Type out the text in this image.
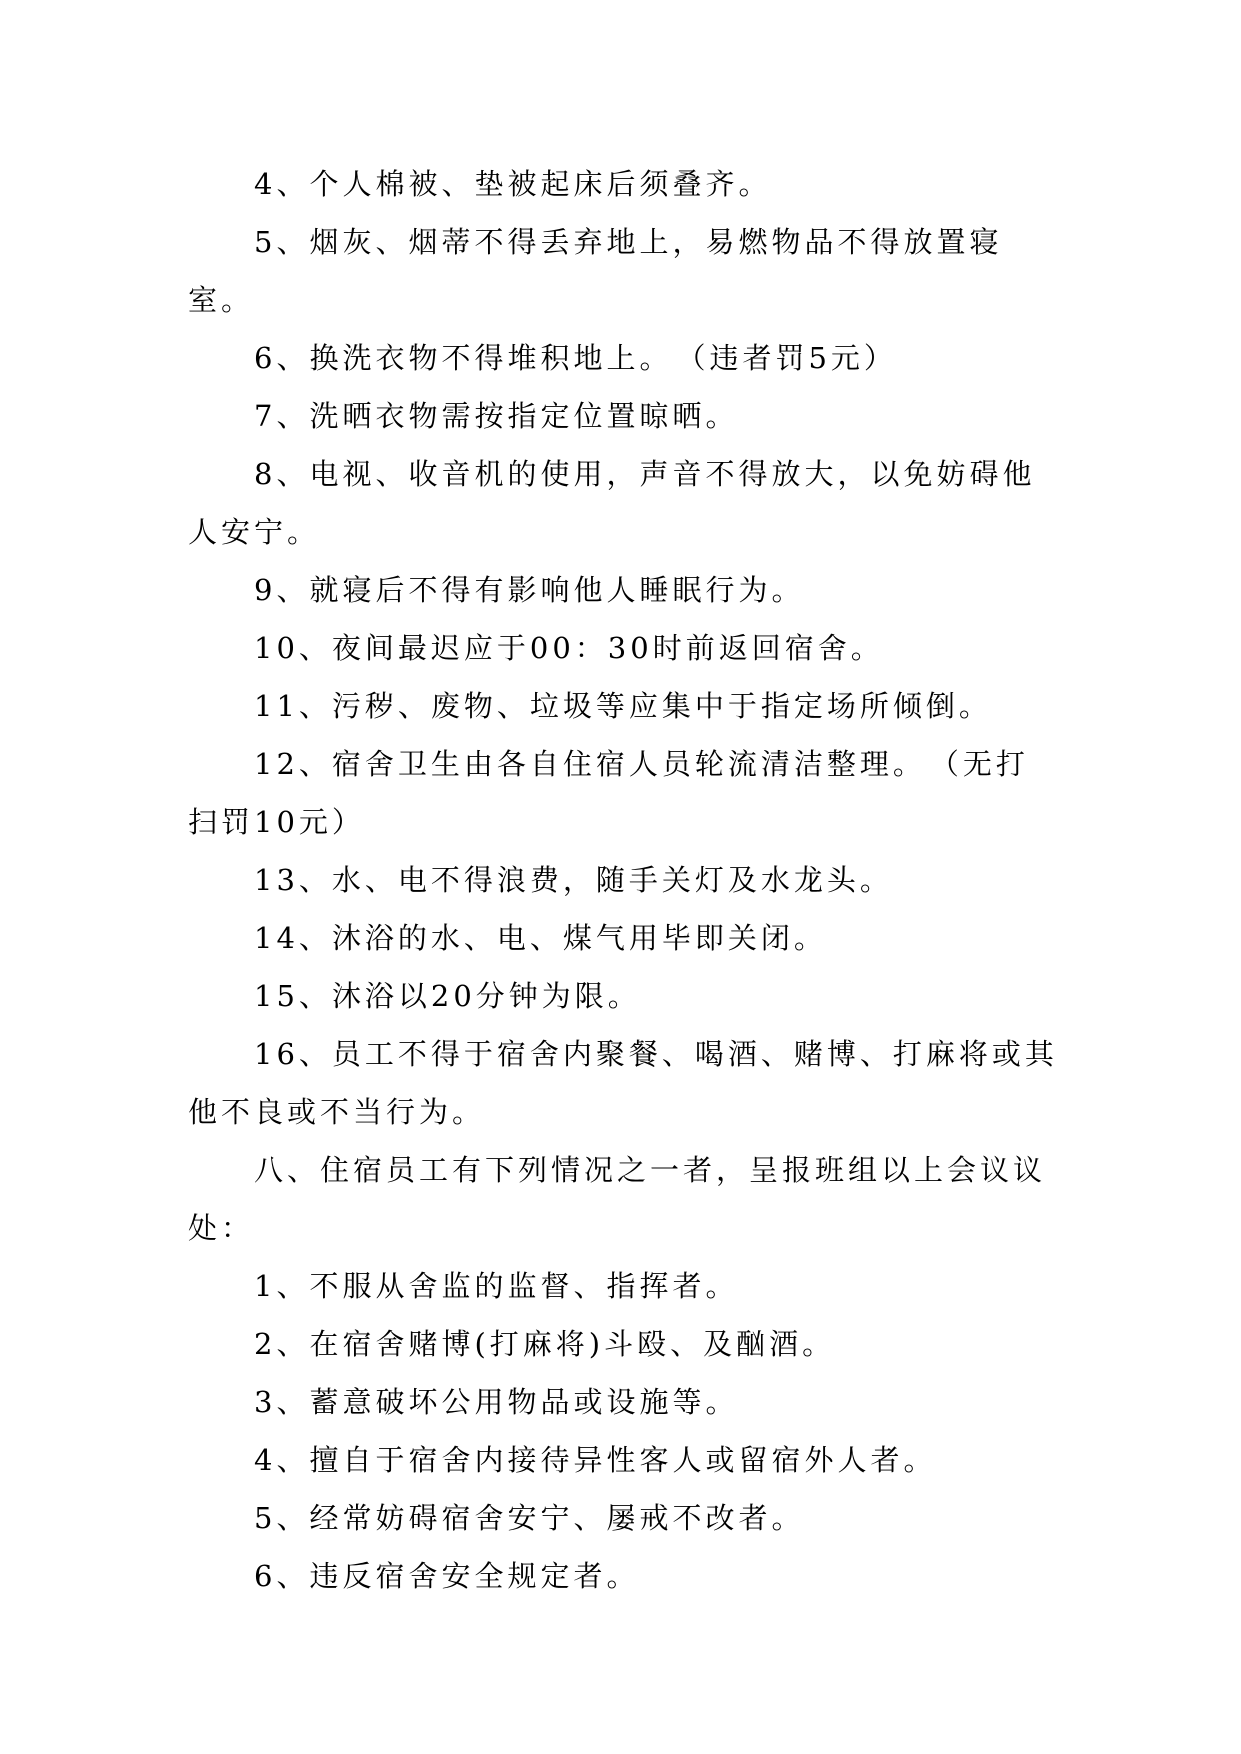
4、个人棉被、垫被起床后须叠齐。

5、烟灰、烟蒂不得丢弃地上，易燃物品不得放置寝室。

6、换洗衣物不得堆积地上。　（违者罚5元）

7、洗晒衣物需按指定位置晾晒。

8、电视、收音机的使用，声音不得放大，以免妨碍他人安宁。

9、就寝后不得有影响他人睡眠行为。

10、夜间最迟应于00：30时前返回宿舍。

11、污秽、废物、垃圾等应集中于指定场所倾倒。

12、宿舍卫生由各自住宿人员轮流清洁整理。　（无打扫罚10元）

13、水、电不得浪费，随手关灯及水龙头。

14、沐浴的水、电、煤气用毕即关闭。

15、沐浴以20分钟为限。

16、员工不得于宿舍内聚餐、喝酒、赌博、打麻将或其他不良或不当行为。

八、住宿员工有下列情况之一者，呈报班组以上会议议处：

1、不服从舍监的监督、指挥者。

2、在宿舍赌博(打麻将)斗殴、及酗酒。

3、蓄意破坏公用物品或设施等。

4、擅自于宿舍内接待异性客人或留宿外人者。

5、经常妨碍宿舍安宁、屡戒不改者。

6、违反宿舍安全规定者。
